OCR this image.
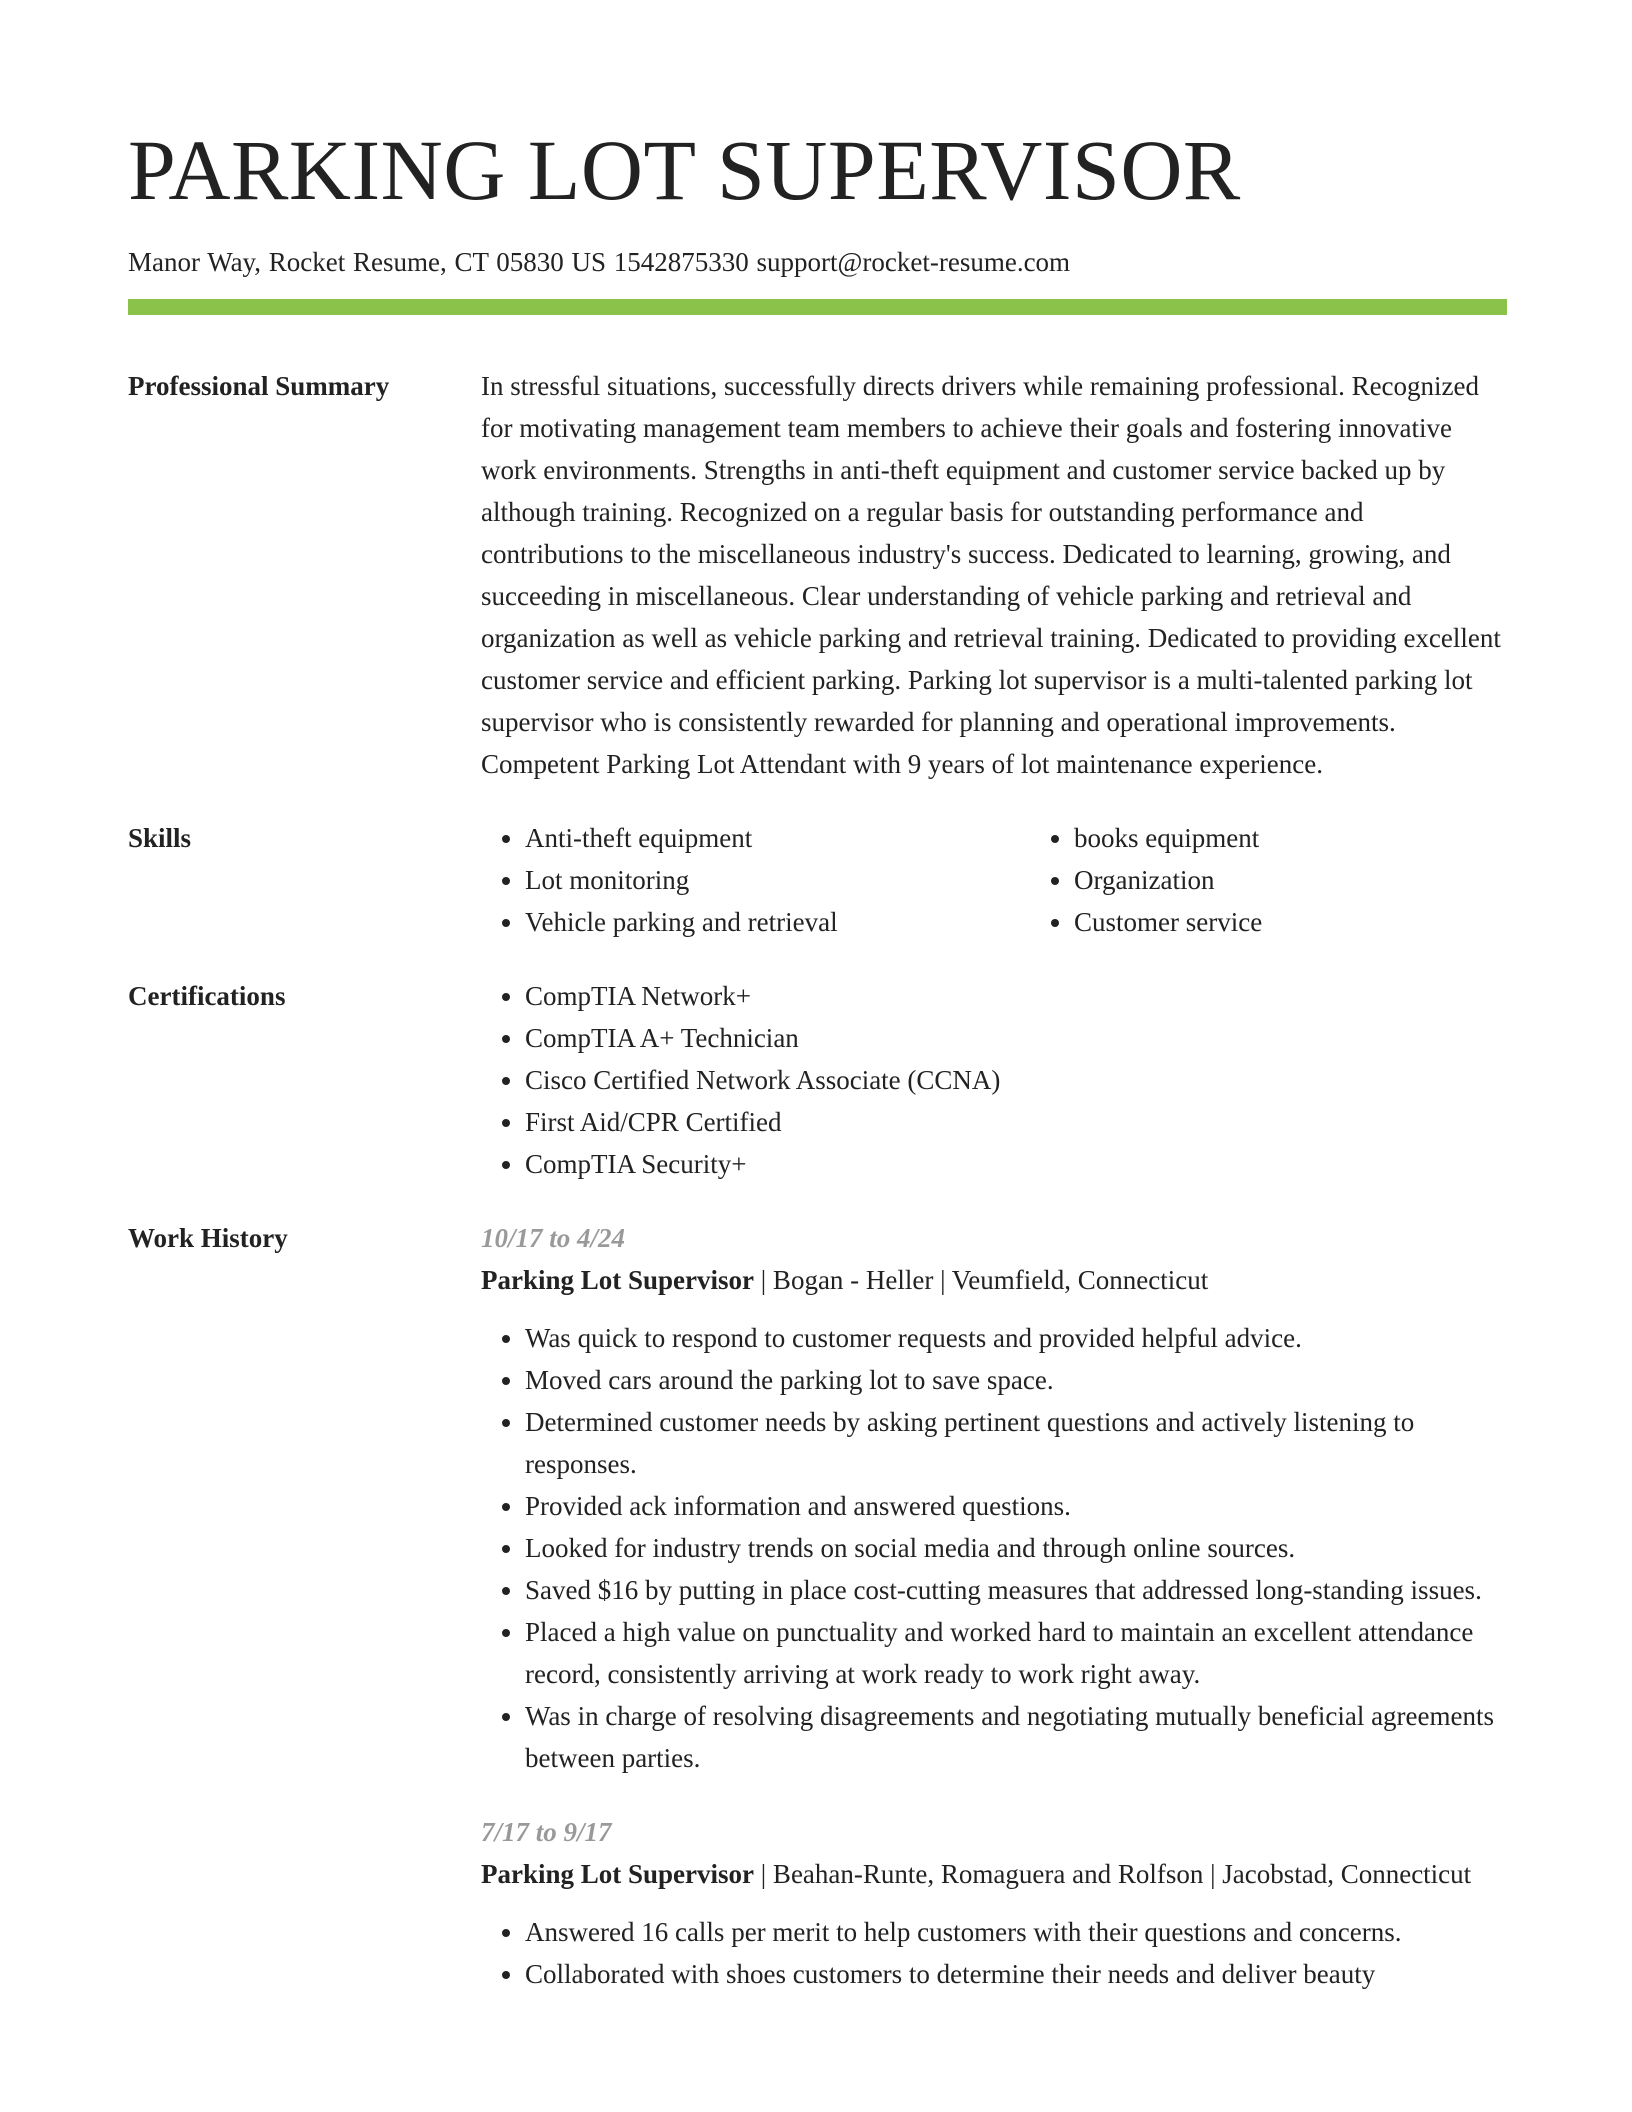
PARKING LOT SUPERVISOR
Manor Way, Rocket Resume, CT 05830 US 1542875330 support@rocket-resume.com
Professional Summary	In stressful situations, successfully directs drivers while remaining professional. Recognized for motivating management team members to achieve their goals and fostering innovative work environments. Strengths in anti-theft equipment and customer service backed up by although training. Recognized on a regular basis for outstanding performance and contributions to the miscellaneous industry's success. Dedicated to learning, growing, and succeeding in miscellaneous. Clear understanding of vehicle parking and retrieval and organization as well as vehicle parking and retrieval training. Dedicated to providing excellent customer service and efficient parking. Parking lot supervisor is a multi-talented parking lot supervisor who is consistently rewarded for planning and operational improvements. Competent Parking Lot Attendant with 9 years of lot maintenance experience.
Skills	• Anti-theft equipment
• Lot monitoring
• Vehicle parking and retrieval
• books equipment
• Organization
• Customer service
Certifications	• CompTIA Network+
• CompTIA A+ Technician
• Cisco Certified Network Associate (CCNA)
• First Aid/CPR Certified
• CompTIA Security+
Work History	10/17 to 4/24
Parking Lot Supervisor | Bogan - Heller | Veumfield, Connecticut
• Was quick to respond to customer requests and provided helpful advice.
• Moved cars around the parking lot to save space.
• Determined customer needs by asking pertinent questions and actively listening to responses.
• Provided ack information and answered questions.
• Looked for industry trends on social media and through online sources.
• Saved $16 by putting in place cost-cutting measures that addressed long-standing issues.
• Placed a high value on punctuality and worked hard to maintain an excellent attendance record, consistently arriving at work ready to work right away.
• Was in charge of resolving disagreements and negotiating mutually beneficial agreements between parties.
7/17 to 9/17
Parking Lot Supervisor | Beahan-Runte, Romaguera and Rolfson | Jacobstad, Connecticut
• Answered 16 calls per merit to help customers with their questions and concerns.
• Collaborated with shoes customers to determine their needs and deliver beauty
